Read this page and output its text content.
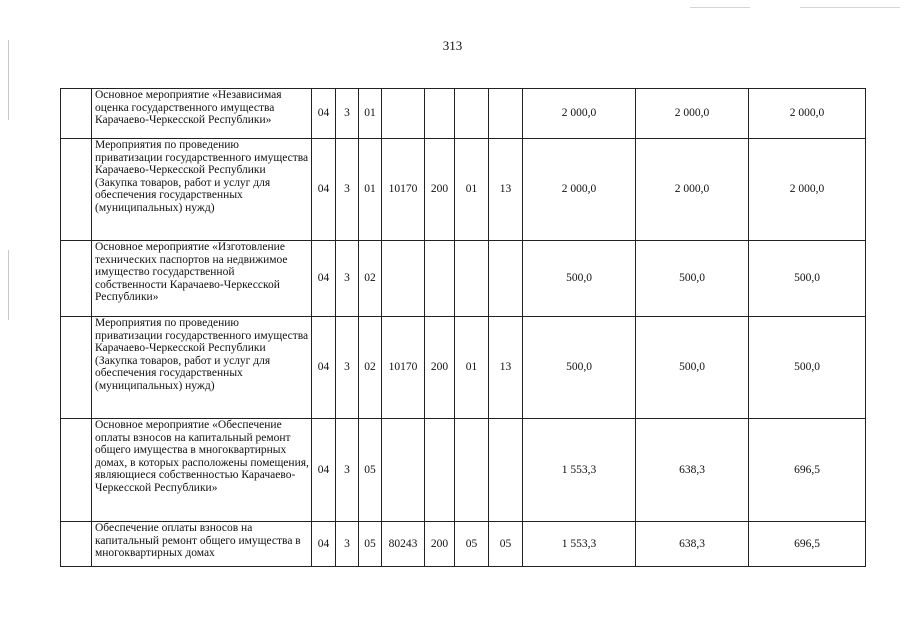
313
	Основное мероприятие «Независимая оценка государственного имущества Карачаево-Черкесской Республики»	04	3	01					2 000,0	2 000,0	2 000,0
	Мероприятия по проведению приватизации государственного имущества Карачаево-Черкесской Республики (Закупка товаров, работ и услуг для обеспечения государственных (муниципальных) нужд)	04	3	01	10170	200	01	13	2 000,0	2 000,0	2 000,0
	Основное мероприятие «Изготовление технических паспортов на недвижимое имущество государственной собственности Карачаево-Черкесской Республики»	04	3	02					500,0	500,0	500,0
	Мероприятия по проведению приватизации государственного имущества Карачаево-Черкесской Республики (Закупка товаров, работ и услуг для обеспечения государственных (муниципальных) нужд)	04	3	02	10170	200	01	13	500,0	500,0	500,0
	Основное мероприятие «Обеспечение оплаты взносов на капитальный ремонт общего имущества в многоквартирных домах, в которых расположены помещения, являющиеся собственностью Карачаево-Черкесской Республики»	04	3	05					1 553,3	638,3	696,5
	Обеспечение оплаты взносов на капитальный ремонт общего имущества в многоквартирных домах	04	3	05	80243	200	05	05	1 553,3	638,3	696,5
